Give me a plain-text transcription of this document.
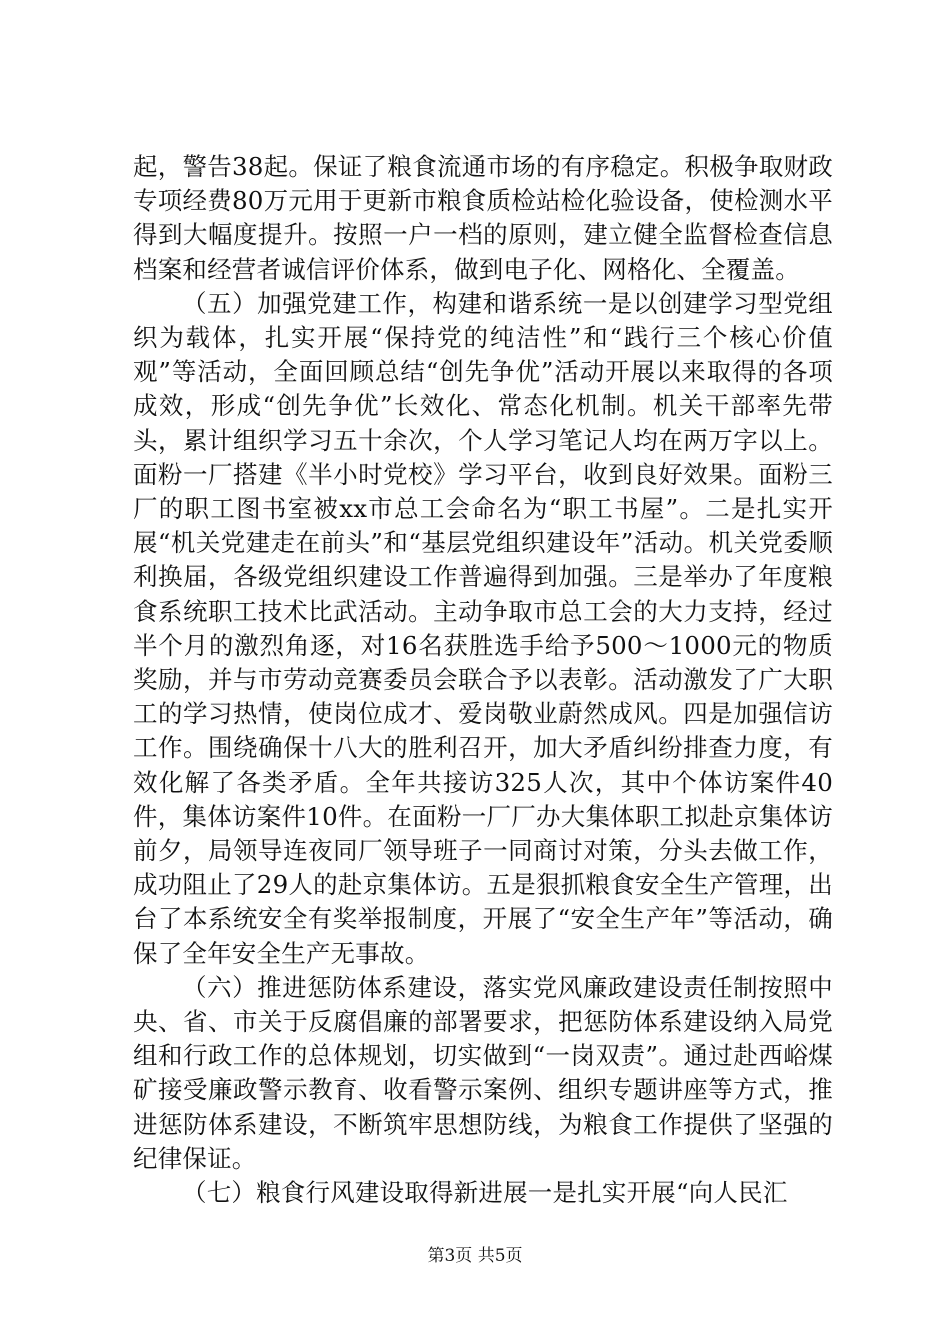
起，警告38起。保证了粮食流通市场的有序稳定。积极争取财政专项经费80万元用于更新市粮食质检站检化验设备，使检测水平得到大幅度提升。按照一户一档的原则，建立健全监督检查信息档案和经营者诚信评价体系，做到电子化、网格化、全覆盖。

（五）加强党建工作，构建和谐系统一是以创建学习型党组织为载体，扎实开展“保持党的纯洁性”和“践行三个核心价值观”等活动，全面回顾总结“创先争优”活动开展以来取得的各项成效，形成“创先争优”长效化、常态化机制。机关干部率先带头，累计组织学习五十余次，个人学习笔记人均在两万字以上。面粉一厂搭建《半小时党校》学习平台，收到良好效果。面粉三厂的职工图书室被xx市总工会命名为“职工书屋”。二是扎实开展“机关党建走在前头”和“基层党组织建设年”活动。机关党委顺利换届，各级党组织建设工作普遍得到加强。三是举办了年度粮食系统职工技术比武活动。主动争取市总工会的大力支持，经过半个月的激烈角逐，对16名获胜选手给予500～1000元的物质奖励，并与市劳动竞赛委员会联合予以表彰。活动激发了广大职工的学习热情，使岗位成才、爱岗敬业蔚然成风。四是加强信访工作。围绕确保十八大的胜利召开，加大矛盾纠纷排查力度，有效化解了各类矛盾。全年共接访325人次，其中个体访案件40件，集体访案件10件。在面粉一厂厂办大集体职工拟赴京集体访前夕，局领导连夜同厂领导班子一同商讨对策，分头去做工作，成功阻止了29人的赴京集体访。五是狠抓粮食安全生产管理，出台了本系统安全有奖举报制度，开展了“安全生产年”等活动，确保了全年安全生产无事故。

（六）推进惩防体系建设，落实党风廉政建设责任制按照中央、省、市关于反腐倡廉的部署要求，把惩防体系建设纳入局党组和行政工作的总体规划，切实做到“一岗双责”。通过赴西峪煤矿接受廉政警示教育、收看警示案例、组织专题讲座等方式，推进惩防体系建设，不断筑牢思想防线，为粮食工作提供了坚强的纪律保证。

（七）粮食行风建设取得新进展一是扎实开展“向人民汇

第3页 共5页
